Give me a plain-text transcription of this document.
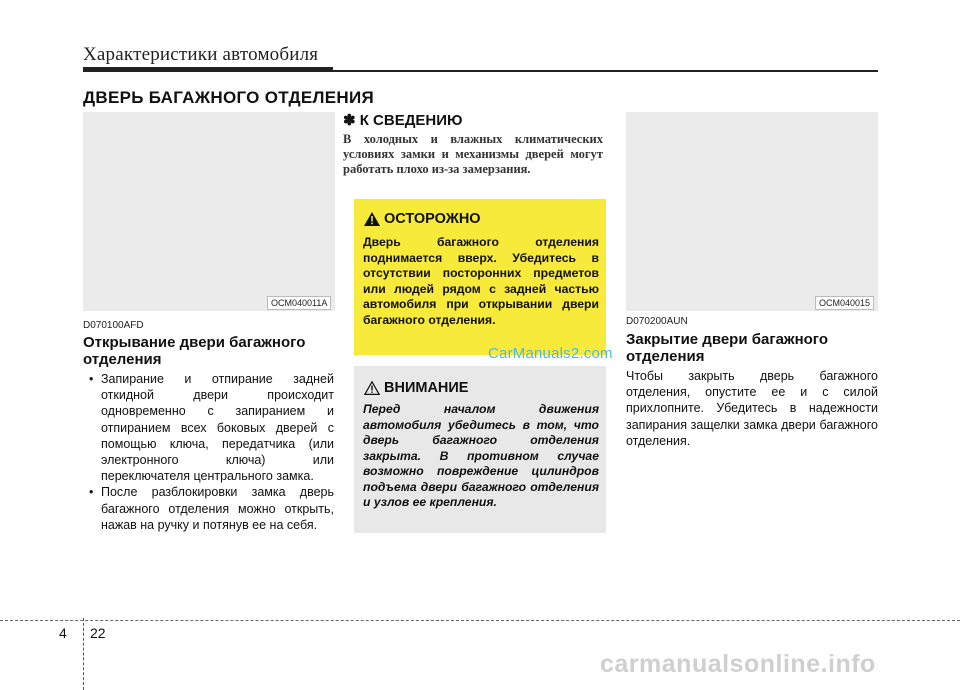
Характеристики автомобиля
ДВЕРЬ БАГАЖНОГО ОТДЕЛЕНИЯ
OCM040011A
D070100AFD
Открывание двери багажного отделения
• Запирание и отпирание задней откидной двери происходит одновременно с запиранием и отпиранием всех боковых дверей с помощью ключа, передатчика (или электронного ключа) или переключателя центрального замка.
• После разблокировки замка дверь багажного отделения можно открыть, нажав на ручку и потянув ее на себя.
✽ К СВЕДЕНИЮ
В холодных и влажных климатических условиях замки и механизмы дверей могут работать плохо из-за замерзания.
ОСТОРОЖНО
Дверь багажного отделения поднимается вверх. Убедитесь в отсутствии посторонних предметов или людей рядом с задней частью автомобиля при открывании двери багажного отделения.
ВНИМАНИЕ
Перед началом движения автомобиля убедитесь в том, что дверь багажного отделения закрыта. В противном случае возможно повреждение цилиндров подъема двери багажного отделения и узлов ее крепления.
CarManuals2.com
OCM040015
D070200AUN
Закрытие двери багажного отделения
Чтобы закрыть дверь багажного отделения, опустите ее и с силой прихлопните. Убедитесь в надежности запирания защелки замка двери багажного отделения.
4 22
carmanualsonline.info
